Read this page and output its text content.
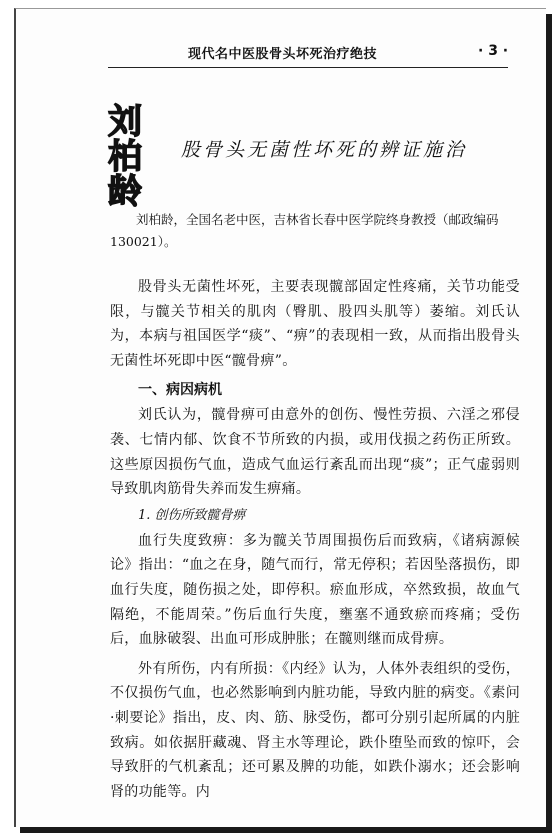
现代名中医股骨头坏死治疗绝技	· 3 ·
刘
柏
龄
股骨头无菌性坏死的辨证施治
刘柏龄，全国名老中医，吉林省长春中医学院终身教授（邮政编码　130021）。

股骨头无菌性坏死，主要表现髋部固定性疼痛，关节功能受限，与髋关节相关的肌肉（臀肌、股四头肌等）萎缩。刘氏认为，本病与祖国医学“痰”、“痹”的表现相一致，从而指出股骨头无菌性坏死即中医“髋骨痹”。

一、病因病机

刘氏认为，髋骨痹可由意外的创伤、慢性劳损、六淫之邪侵袭、七情内郁、饮食不节所致的内损，或用伐损之药伤正所致。这些原因损伤气血，造成气血运行紊乱而出现“痰”；正气虚弱则导致肌肉筋骨失养而发生痹痛。

1. 创伤所致髋骨痹

血行失度致痹：多为髋关节周围损伤后而致病，《诸病源候论》指出：“血之在身，随气而行，常无停积；若因坠落损伤，即血行失度，随伤损之处，即停积。瘀血形成，卒然致损，故血气隔绝，不能周荣。”伤后血行失度，壅塞不通致瘀而疼痛；受伤后，血脉破裂、出血可形成肿胀；在髋则继而成骨痹。

外有所伤，内有所损：《内经》认为，人体外表组织的受伤，不仅损伤气血，也必然影响到内脏功能，导致内脏的病变。《素问·刺要论》指出，皮、肉、筋、脉受伤，都可分别引起所属的内脏致病。如依据肝藏魂、肾主水等理论，跌仆堕坠而致的惊吓，会导致肝的气机紊乱；还可累及脾的功能，如跌仆溺水；还会影响肾的功能等。内
